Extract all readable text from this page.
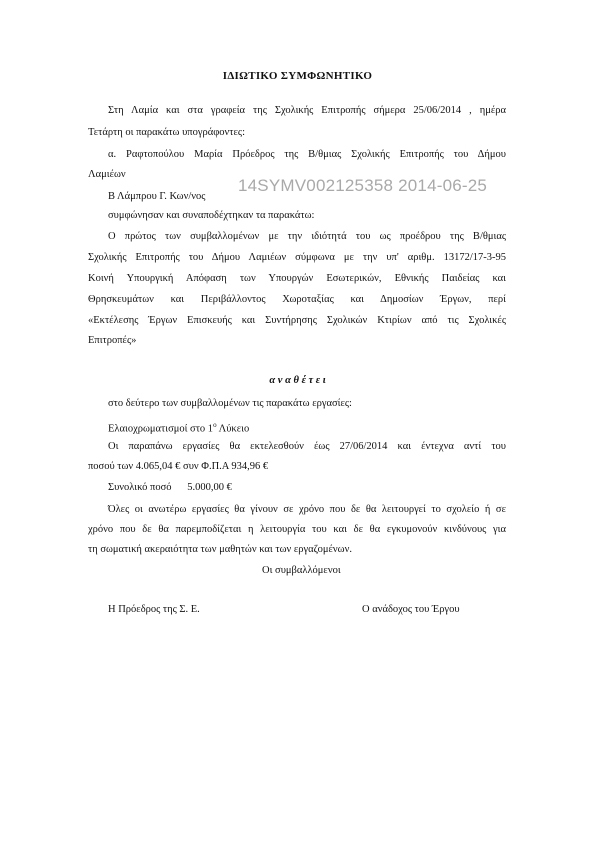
ΙΔΙΩΤΙΚΟ ΣΥΜΦΩΝΗΤΙΚΟ
Στη Λαμία και στα γραφεία της Σχολικής Επιτροπής σήμερα 25/06/2014 , ημέρα
Τετάρτη οι παρακάτω υπογράφοντες:
α. Ραφτοπούλου Μαρία Πρόεδρος της Β/θμιας Σχολικής Επιτροπής του Δήμου
Λαμιέων
Β Λάμπρου Γ. Κων/νος
14SYMV002125358 2014-06-25
συμφώνησαν και συναποδέχτηκαν τα παρακάτω:
Ο πρώτος των συμβαλλομένων με την ιδιότητά του ως προέδρου της Β/θμιας
Σχολικής Επιτροπής του Δήμου Λαμιέων σύμφωνα με την υπ' αριθμ. 13172/17-3-95
Κοινή Υπουργική Απόφαση των Υπουργών Εσωτερικών, Εθνικής Παιδείας και
Θρησκευμάτων και Περιβάλλοντος Χωροταξίας και Δημοσίων Έργων, περί
«Εκτέλεσης Έργων Επισκευής και Συντήρησης Σχολικών Κτιρίων από τις Σχολικές
Επιτροπές»
α ν α θ έ τ ε ι
στο δεύτερο των συμβαλλομένων τις παρακάτω εργασίες:
Ελαιοχρωματισμοί στο $1^o$ Λύκειο
Οι παραπάνω εργασίες θα εκτελεσθούν έως 27/06/2014 και έντεχνα αντί του
ποσού των 4.065,04 € συν Φ.Π.Α 934,96 €
Συνολικό ποσό      5.000,00 €
Όλες οι ανωτέρω εργασίες θα γίνουν σε χρόνο που δε θα λειτουργεί το σχολείο ή σε
χρόνο που δε θα παρεμποδίζεται η λειτουργία του και δε θα εγκυμονούν κινδύνους για
τη σωματική ακεραιότητα των μαθητών και των εργαζομένων.
Οι συμβαλλόμενοι
Η Πρόεδρος της Σ. Ε.	Ο ανάδοχος του Έργου
